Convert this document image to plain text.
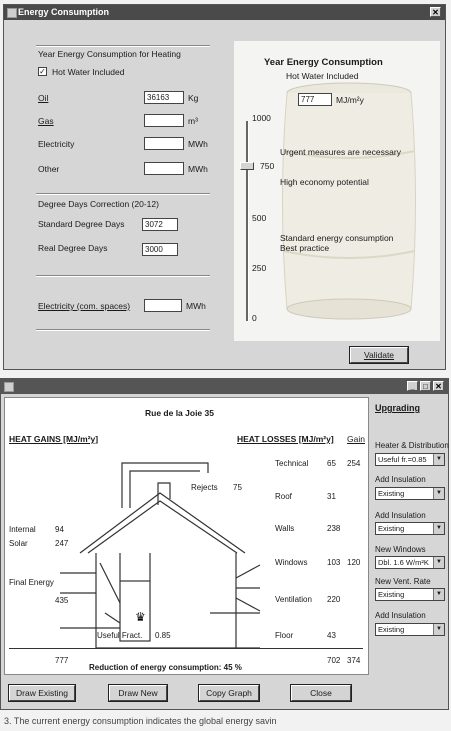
Energy Consumption	✕
Year Energy Consumption for Heating
✓ Hot Water Included
Oil	36163	Kg
Gas	m³
Electricity	MWh
Other	MWh
Degree Days Correction (20-12)
Standard Degree Days	3072
Real Degree Days	3000
Electricity (com. spaces)	MWh
Year Energy Consumption
Hot Water Included
777	MJ/m²y
1000
750
500
250
0
Urgent measures are necessary
High economy potential
Standard energy consumption
Best practice
Validate
_	□ ✕
Rue de la Joie 35
HEAT GAINS [MJ/m²y]	HEAT LOSSES [MJ/m²y] Gain
♛
Rejects 75
Internal 94
Solar	247
Final Energy
435
Useful Fract. 0.85
Technical 65 254
Roof	31
Walls	238
Windows 103 120
Ventilation 220
Floor	43
777
Reduction of energy consumption: 45 %
702 374
Upgrading
Heater & Distribution
Useful fr.=0.85	▼
Add Insulation
Existing	▼
Add Insulation
Existing	▼
New Windows
Dbl. 1.6 W/m²K	▼
New Vent. Rate
Existing	▼
Add Insulation
Existing	▼
Draw Existing	Draw New	Copy Graph	Close
3. The current energy consumption indicates the global energy savin
